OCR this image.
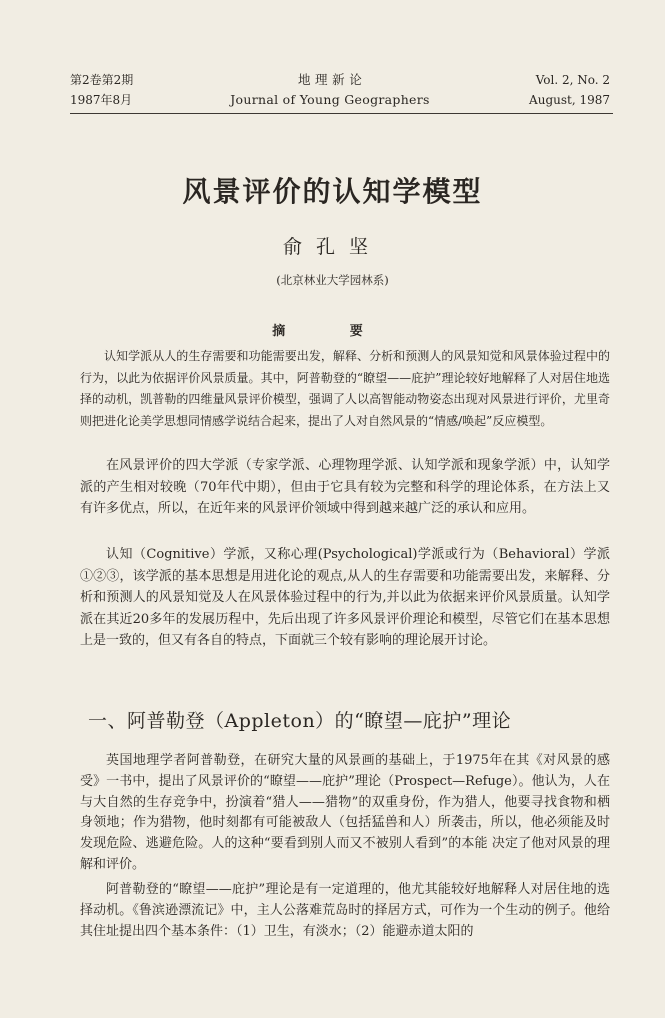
第2卷第2期
1987年8月
地 理 新 论
Journal of Young Geographers
Vol. 2, No. 2
August, 1987
风景评价的认知学模型
俞孔坚
(北京林业大学园林系)
摘 要

认知学派从人的生存需要和功能需要出发，解释、分析和预测人的风景知觉和风景体验过程中的行为，以此为依据评价风景质量。其中，阿普勒登的“瞭望——庇护”理论较好地解释了人对居住地选择的动机，凯普勒的四维量风景评价模型，强调了人以高智能动物姿态出现对风景进行评价，尤里奇则把进化论美学思想同情感学说结合起来，提出了人对自然风景的“情感/唤起”反应模型。

在风景评价的四大学派（专家学派、心理物理学派、认知学派和现象学派）中，认知学派的产生相对较晚（70年代中期），但由于它具有较为完整和科学的理论体系，在方法上又有许多优点，所以，在近年来的风景评价领域中得到越来越广泛的承认和应用。

认知（Cognitive）学派，又称心理(Psychological)学派或行为（Behavioral）学派①②③，该学派的基本思想是用进化论的观点,从人的生存需要和功能需要出发，来解释、分析和预测人的风景知觉及人在风景体验过程中的行为,并以此为依据来评价风景质量。认知学派在其近20多年的发展历程中，先后出现了许多风景评价理论和模型，尽管它们在基本思想上是一致的，但又有各自的特点，下面就三个较有影响的理论展开讨论。

一、阿普勒登（Appleton）的“瞭望—庇护”理论

英国地理学者阿普勒登，在研究大量的风景画的基础上，于1975年在其《对风景的感受》一书中，提出了风景评价的“瞭望——庇护”理论（Prospect—Refuge）。他认为，人在与大自然的生存竞争中，扮演着“猎人——猎物”的双重身份，作为猎人，他要寻找食物和栖身领地；作为猎物，他时刻都有可能被敌人（包括猛兽和人）所袭击，所以，他必须能及时发现危险、逃避危险。人的这种“要看到别人而又不被别人看到”的本能 决定了他对风景的理解和评价。

阿普勒登的“瞭望——庇护”理论是有一定道理的，他尤其能较好地解释人对居住地的选择动机。《鲁滨逊漂流记》中，主人公落难荒岛时的择居方式，可作为一个生动的例子。他给其住址提出四个基本条件：（1）卫生，有淡水；（2）能避赤道太阳的
